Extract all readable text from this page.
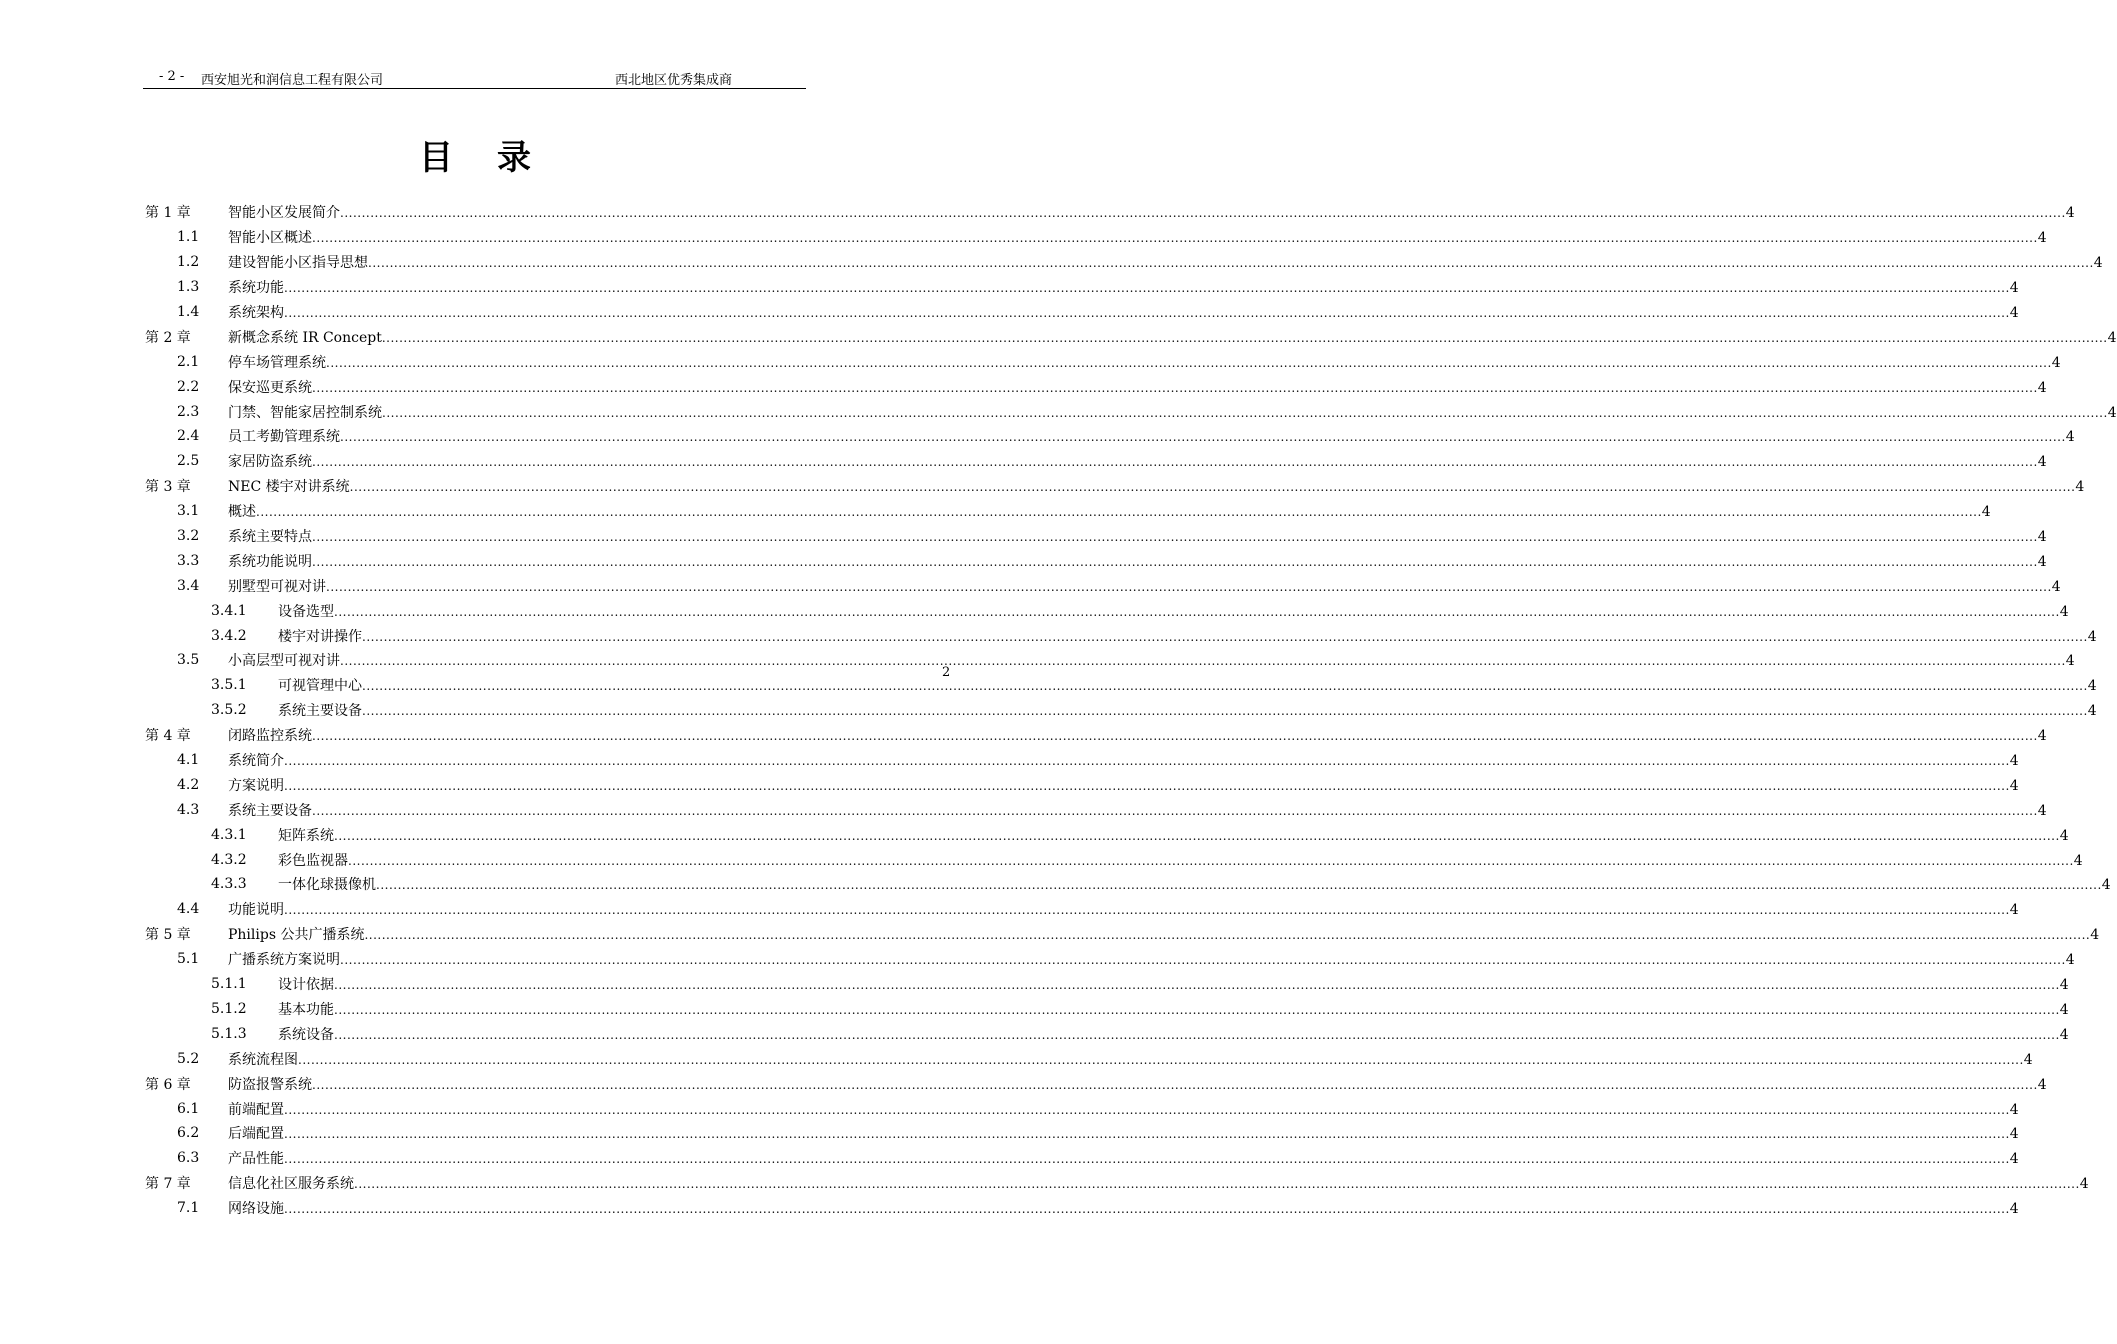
- 2 - 西安旭光和润信息工程有限公司	西北地区优秀集成商
目录
第 1 章	智能小区发展简介 ................................................................................................................................................................................................................................................................................................................................................................................................................ 4
1.1 智能小区概述 ................................................................................................................................................................................................................................................................................................................................................................................................................ 4
1.2 建设智能小区指导思想 ................................................................................................................................................................................................................................................................................................................................................................................................................ 4
1.3 系统功能 ................................................................................................................................................................................................................................................................................................................................................................................................................ 4
1.4 系统架构 ................................................................................................................................................................................................................................................................................................................................................................................................................ 4
第 2 章	新概念系统 IR Concept ................................................................................................................................................................................................................................................................................................................................................................................................................ 4
2.1 停车场管理系统 ................................................................................................................................................................................................................................................................................................................................................................................................................ 4
2.2 保安巡更系统 ................................................................................................................................................................................................................................................................................................................................................................................................................ 4
2.3 门禁、智能家居控制系统 ................................................................................................................................................................................................................................................................................................................................................................................................................ 4
2.4 员工考勤管理系统 ................................................................................................................................................................................................................................................................................................................................................................................................................ 4
2.5 家居防盗系统 ................................................................................................................................................................................................................................................................................................................................................................................................................ 4
第 3 章	NEC 楼宇对讲系统 ................................................................................................................................................................................................................................................................................................................................................................................................................ 4
3.1 概述 ................................................................................................................................................................................................................................................................................................................................................................................................................ 4
3.2 系统主要特点 ................................................................................................................................................................................................................................................................................................................................................................................................................ 4
3.3 系统功能说明 ................................................................................................................................................................................................................................................................................................................................................................................................................ 4
3.4 别墅型可视对讲 ................................................................................................................................................................................................................................................................................................................................................................................................................ 4
3.4.1 设备选型 ................................................................................................................................................................................................................................................................................................................................................................................................................ 4
3.4.2 楼宇对讲操作 ................................................................................................................................................................................................................................................................................................................................................................................................................ 4
3.5 小高层型可视对讲 ................................................................................................................................................................................................................................................................................................................................................................................................................ 4
3.5.1 可视管理中心 ................................................................................................................................................................................................................................................................................................................................................................................................................ 4
3.5.2 系统主要设备 ................................................................................................................................................................................................................................................................................................................................................................................................................ 4
第 4 章	闭路监控系统 ................................................................................................................................................................................................................................................................................................................................................................................................................ 4
4.1 系统简介 ................................................................................................................................................................................................................................................................................................................................................................................................................ 4
4.2 方案说明 ................................................................................................................................................................................................................................................................................................................................................................................................................ 4
4.3 系统主要设备 ................................................................................................................................................................................................................................................................................................................................................................................................................ 4
4.3.1 矩阵系统 ................................................................................................................................................................................................................................................................................................................................................................................................................ 4
4.3.2 彩色监视器 ................................................................................................................................................................................................................................................................................................................................................................................................................ 4
4.3.3 一体化球摄像机 ................................................................................................................................................................................................................................................................................................................................................................................................................ 4
4.4 功能说明 ................................................................................................................................................................................................................................................................................................................................................................................................................ 4
第 5 章	Philips 公共广播系统 ................................................................................................................................................................................................................................................................................................................................................................................................................ 4
5.1 广播系统方案说明 ................................................................................................................................................................................................................................................................................................................................................................................................................ 4
5.1.1 设计依据 ................................................................................................................................................................................................................................................................................................................................................................................................................ 4
5.1.2 基本功能 ................................................................................................................................................................................................................................................................................................................................................................................................................ 4
5.1.3 系统设备 ................................................................................................................................................................................................................................................................................................................................................................................................................ 4
5.2 系统流程图 ................................................................................................................................................................................................................................................................................................................................................................................................................ 4
第 6 章	防盗报警系统 ................................................................................................................................................................................................................................................................................................................................................................................................................ 4
6.1 前端配置 ................................................................................................................................................................................................................................................................................................................................................................................................................ 4
6.2 后端配置 ................................................................................................................................................................................................................................................................................................................................................................................................................ 4
6.3 产品性能 ................................................................................................................................................................................................................................................................................................................................................................................................................ 4
第 7 章	信息化社区服务系统 ................................................................................................................................................................................................................................................................................................................................................................................................................ 4
7.1 网络设施 ................................................................................................................................................................................................................................................................................................................................................................................................................ 4
2
